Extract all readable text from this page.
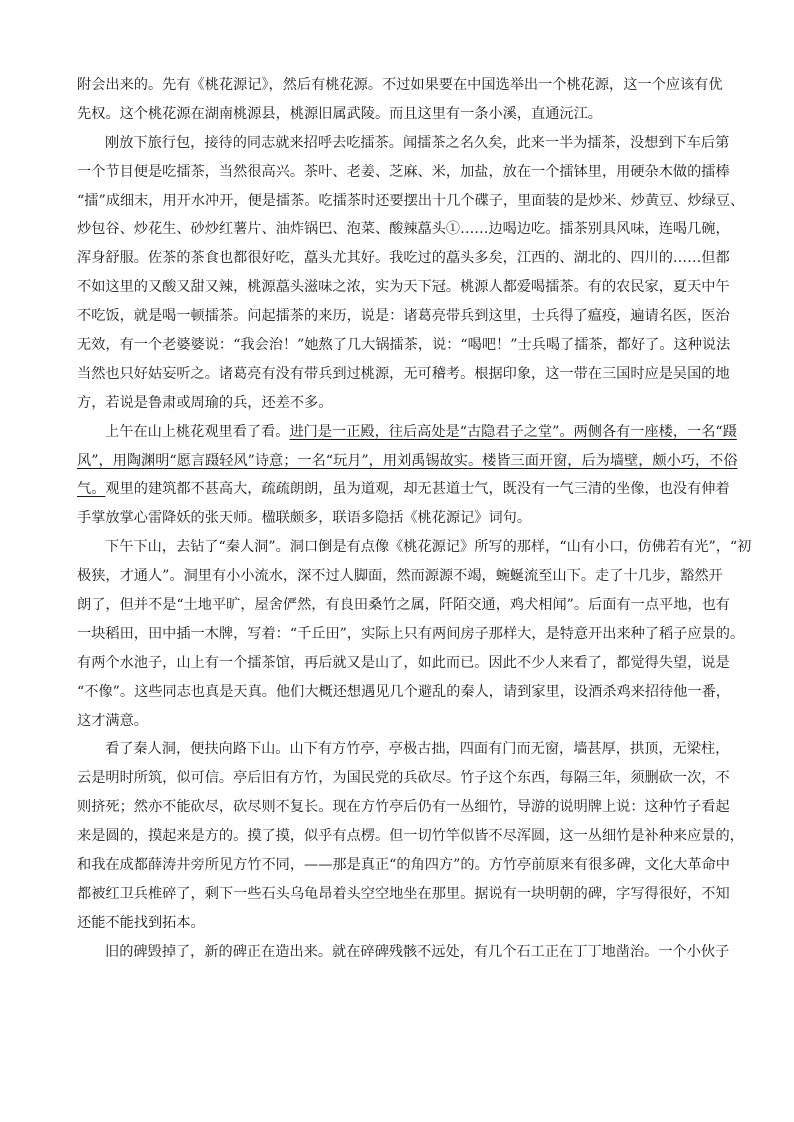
附会出来的。先有《桃花源记》，然后有桃花源。不过如果要在中国选举出一个桃花源，这一个应该有优
先权。这个桃花源在湖南桃源县，桃源旧属武陵。而且这里有一条小溪，直通沅江。
刚放下旅行包，接待的同志就来招呼去吃擂茶。闻擂茶之名久矣，此来一半为擂茶，没想到下车后第
一个节目便是吃擂茶，当然很高兴。茶叶、老姜、芝麻、米，加盐，放在一个擂钵里，用硬杂木做的擂棒
“擂”成细末，用开水冲开，便是擂茶。吃擂茶时还要摆出十几个碟子，里面装的是炒米、炒黄豆、炒绿豆、
炒包谷、炒花生、砂炒红薯片、油炸锅巴、泡菜、酸辣藠头①……边喝边吃。擂茶别具风味，连喝几碗，
浑身舒服。佐茶的茶食也都很好吃，藠头尤其好。我吃过的藠头多矣，江西的、湖北的、四川的……但都
不如这里的又酸又甜又辣，桃源藠头滋味之浓，实为天下冠。桃源人都爱喝擂茶。有的农民家，夏天中午
不吃饭，就是喝一顿擂茶。问起擂茶的来历，说是：诸葛亮带兵到这里，士兵得了瘟疫，遍请名医，医治
无效，有一个老婆婆说：“我会治！”她熬了几大锅擂茶，说：“喝吧！”士兵喝了擂茶，都好了。这种说法
当然也只好姑妄听之。诸葛亮有没有带兵到过桃源，无可稽考。根据印象，这一带在三国时应是吴国的地
方，若说是鲁肃或周瑜的兵，还差不多。
上午在山上桃花观里看了看。进门是一正殿，往后高处是“古隐君子之堂”。两侧各有一座楼，一名“蹑
风”，用陶渊明“愿言蹑轻风”诗意；一名“玩月”，用刘禹锡故实。楼皆三面开窗，后为墙壁，颇小巧，不俗
气。观里的建筑都不甚高大，疏疏朗朗，虽为道观，却无甚道士气，既没有一气三清的坐像，也没有伸着
手掌放掌心雷降妖的张天师。楹联颇多，联语多隐括《桃花源记》词句。
下午下山，去钻了“秦人洞”。洞口倒是有点像《桃花源记》所写的那样，“山有小口，仿佛若有光”，“初
极狭，才通人”。洞里有小小流水，深不过人脚面，然而源源不竭，蜿蜒流至山下。走了十几步，豁然开
朗了，但并不是“土地平旷，屋舍俨然，有良田桑竹之属，阡陌交通，鸡犬相闻”。后面有一点平地，也有
一块稻田，田中插一木牌，写着：“千丘田”，实际上只有两间房子那样大，是特意开出来种了稻子应景的。
有两个水池子，山上有一个擂茶馆，再后就又是山了，如此而已。因此不少人来看了，都觉得失望，说是
“不像”。这些同志也真是天真。他们大概还想遇见几个避乱的秦人，请到家里，设酒杀鸡来招待他一番，
这才满意。
看了秦人洞，便扶向路下山。山下有方竹亭，亭极古拙，四面有门而无窗，墙甚厚，拱顶，无梁柱，
云是明时所筑，似可信。亭后旧有方竹，为国民党的兵砍尽。竹子这个东西，每隔三年，须删砍一次，不
则挤死；然亦不能砍尽，砍尽则不复长。现在方竹亭后仍有一丛细竹，导游的说明牌上说：这种竹子看起
来是圆的，摸起来是方的。摸了摸，似乎有点楞。但一切竹竿似皆不尽浑圆，这一丛细竹是补种来应景的，
和我在成都薛涛井旁所见方竹不同，——那是真正“的角四方”的。方竹亭前原来有很多碑，文化大革命中
都被红卫兵椎碎了，剩下一些石头乌龟昂着头空空地坐在那里。据说有一块明朝的碑，字写得很好，不知
还能不能找到拓本。
旧的碑毁掉了，新的碑正在造出来。就在碎碑残骸不远处，有几个石工正在丁丁地凿治。一个小伙子
